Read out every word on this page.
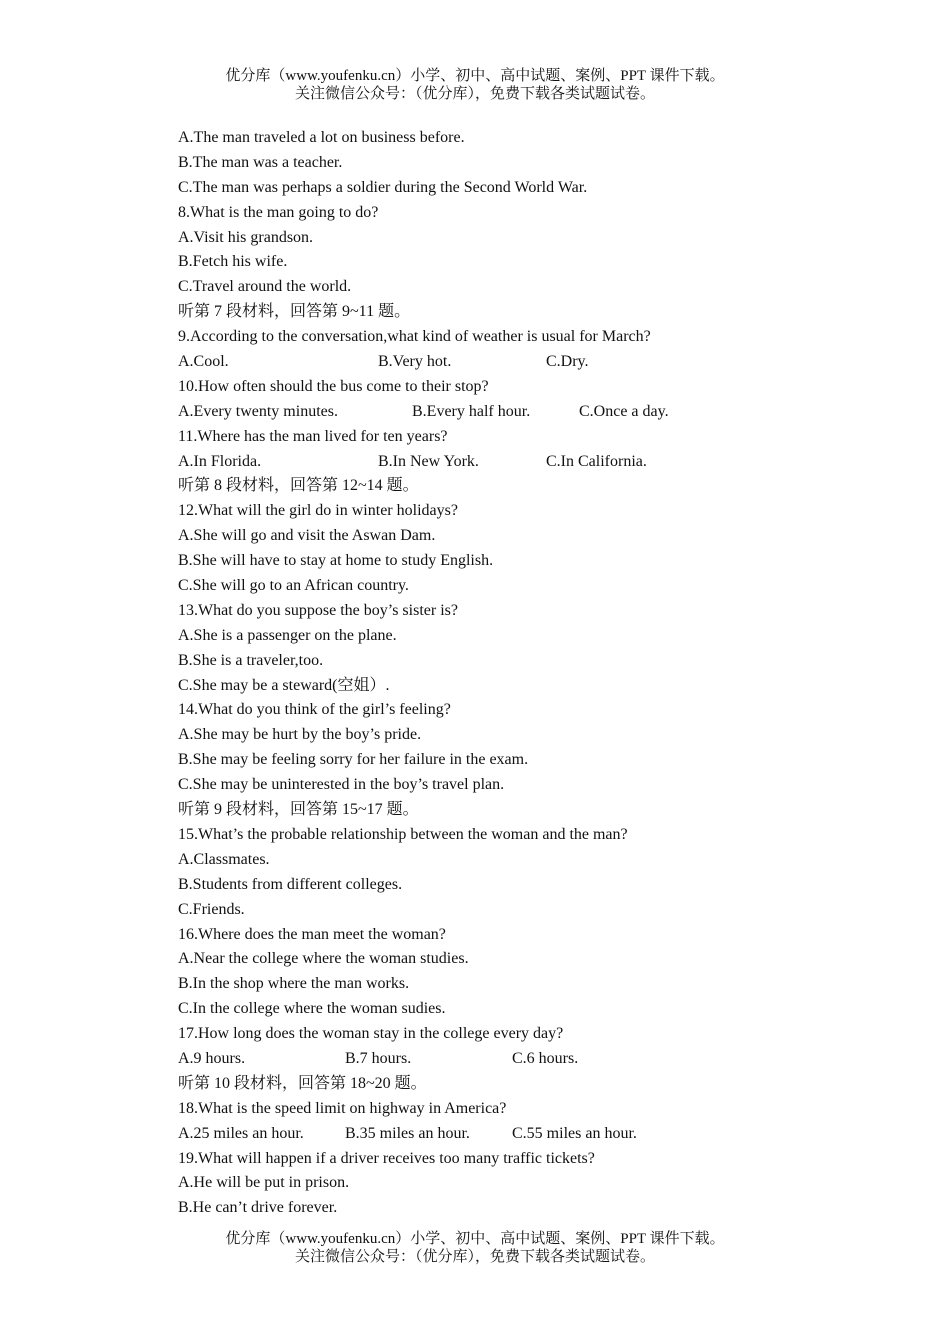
优分库（www.youfenku.cn）小学、初中、高中试题、案例、PPT 课件下载。
关注微信公众号：（优分库），免费下载各类试题试卷。
A.The man traveled a lot on business before.
B.The man was a teacher.
C.The man was perhaps a soldier during the Second World War.
8.What is the man going to do?
A.Visit his grandson.
B.Fetch his wife.
C.Travel around the world.
听第 7 段材料，回答第 9~11 题。
9.According to the conversation,what kind of weather is usual for March?
A.Cool.	B.Very hot.	C.Dry.
10.How often should the bus come to their stop?
A.Every twenty minutes.	B.Every half hour.	C.Once a day.
11.Where has the man lived for ten years?
A.In Florida.	B.In New York.	C.In California.
听第 8 段材料，回答第 12~14 题。
12.What will the girl do in winter holidays?
A.She will go and visit the Aswan Dam.
B.She will have to stay at home to study English.
C.She will go to an African country.
13.What do you suppose the boy’s sister is?
A.She is a passenger on the plane.
B.She is a traveler,too.
C.She may be a steward(空姐）.
14.What do you think of the girl’s feeling?
A.She may be hurt by the boy’s pride.
B.She may be feeling sorry for her failure in the exam.
C.She may be uninterested in the boy’s travel plan.
听第 9 段材料，回答第 15~17 题。
15.What’s the probable relationship between the woman and the man?
A.Classmates.
B.Students from different colleges.
C.Friends.
16.Where does the man meet the woman?
A.Near the college where the woman studies.
B.In the shop where the man works.
C.In the college where the woman sudies.
17.How long does the woman stay in the college every day?
A.9 hours.	B.7 hours.	C.6 hours.
听第 10 段材料，回答第 18~20 题。
18.What is the speed limit on highway in America?
A.25 miles an hour.	B.35 miles an hour.	C.55 miles an hour.
19.What will happen if a driver receives too many traffic tickets?
A.He will be put in prison.
B.He can’t drive forever.
优分库（www.youfenku.cn）小学、初中、高中试题、案例、PPT 课件下载。
关注微信公众号：（优分库），免费下载各类试题试卷。
